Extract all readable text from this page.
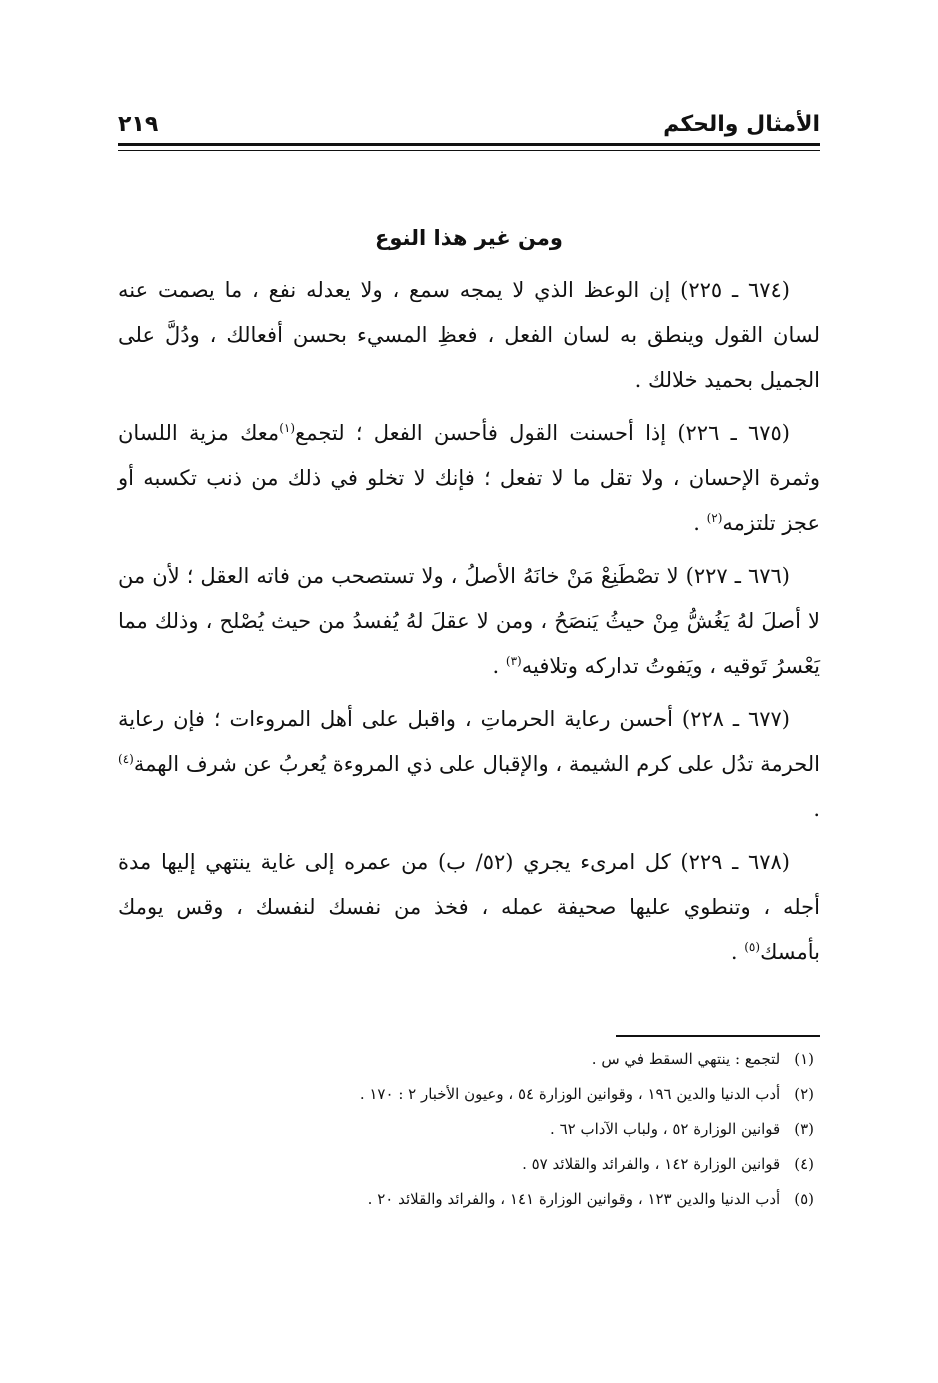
الأمثال والحكم
٢١٩
ومن غير هذا النوع

(٦٧٤ ـ ٢٢٥) إن الوعظ الذي لا يمجه سمع ، ولا يعدله نفع ، ما يصمت عنه لسان القول وينطق به لسان الفعل ، فعظِ المسيء بحسن أفعالك ، ودُلَّ على الجميل بحميد خلالك .

(٦٧٥ ـ ٢٢٦) إذا أحسنت القول فأحسن الفعل ؛ لتجمع$^{(١)}$معك مزية اللسان وثمرة الإحسان ، ولا تقل ما لا تفعل ؛ فإنك لا تخلو في ذلك من ذنب تكسبه أو عجز تلتزمه$^{(٢)}$ .

(٦٧٦ ـ ٢٢٧) لا تصْطَنِعْ مَنْ خانَهُ الأصلُ ، ولا تستصحب من فاته العقل ؛ لأن من لا أصلَ لهُ يَغُشُّ مِنْ حيثُ يَنصَحُ ، ومن لا عقلَ لهُ يُفسدُ من حيث يُصْلح ، وذلك مما يَعْسرُ تَوقيه ، ويَفوتُ تداركه وتلافيه$^{(٣)}$ .

(٦٧٧ ـ ٢٢٨) أحسن رعاية الحرماتِ ، واقبل على أهل المروءات ؛ فإن رعاية الحرمة تدُل على كرم الشيمة ، والإقبال على ذي المروءة يُعربُ عن شرف الهمة$^{(٤)}$ .

(٦٧٨ ـ ٢٢٩) كل امرىء يجري (٥٢/ ب) من عمره إلى غاية ينتهي إليها مدة أجله ، وتنطوي عليها صحيفة عمله ، فخذ من نفسك لنفسك ، وقس يومك بأمسك$^{(٥)}$ .

(١)
لتجمع : ينتهي السقط في س .
(٢)
أدب الدنيا والدين ١٩٦ ، وقوانين الوزارة ٥٤ ، وعيون الأخبار ٢ : ١٧٠ .
(٣)
قوانين الوزارة ٥٢ ، ولباب الآداب ٦٢ .
(٤)
قوانين الوزارة ١٤٢ ، والفرائد والقلائد ٥٧ .
(٥)
أدب الدنيا والدين ١٢٣ ، وقوانين الوزارة ١٤١ ، والفرائد والقلائد ٢٠ .
